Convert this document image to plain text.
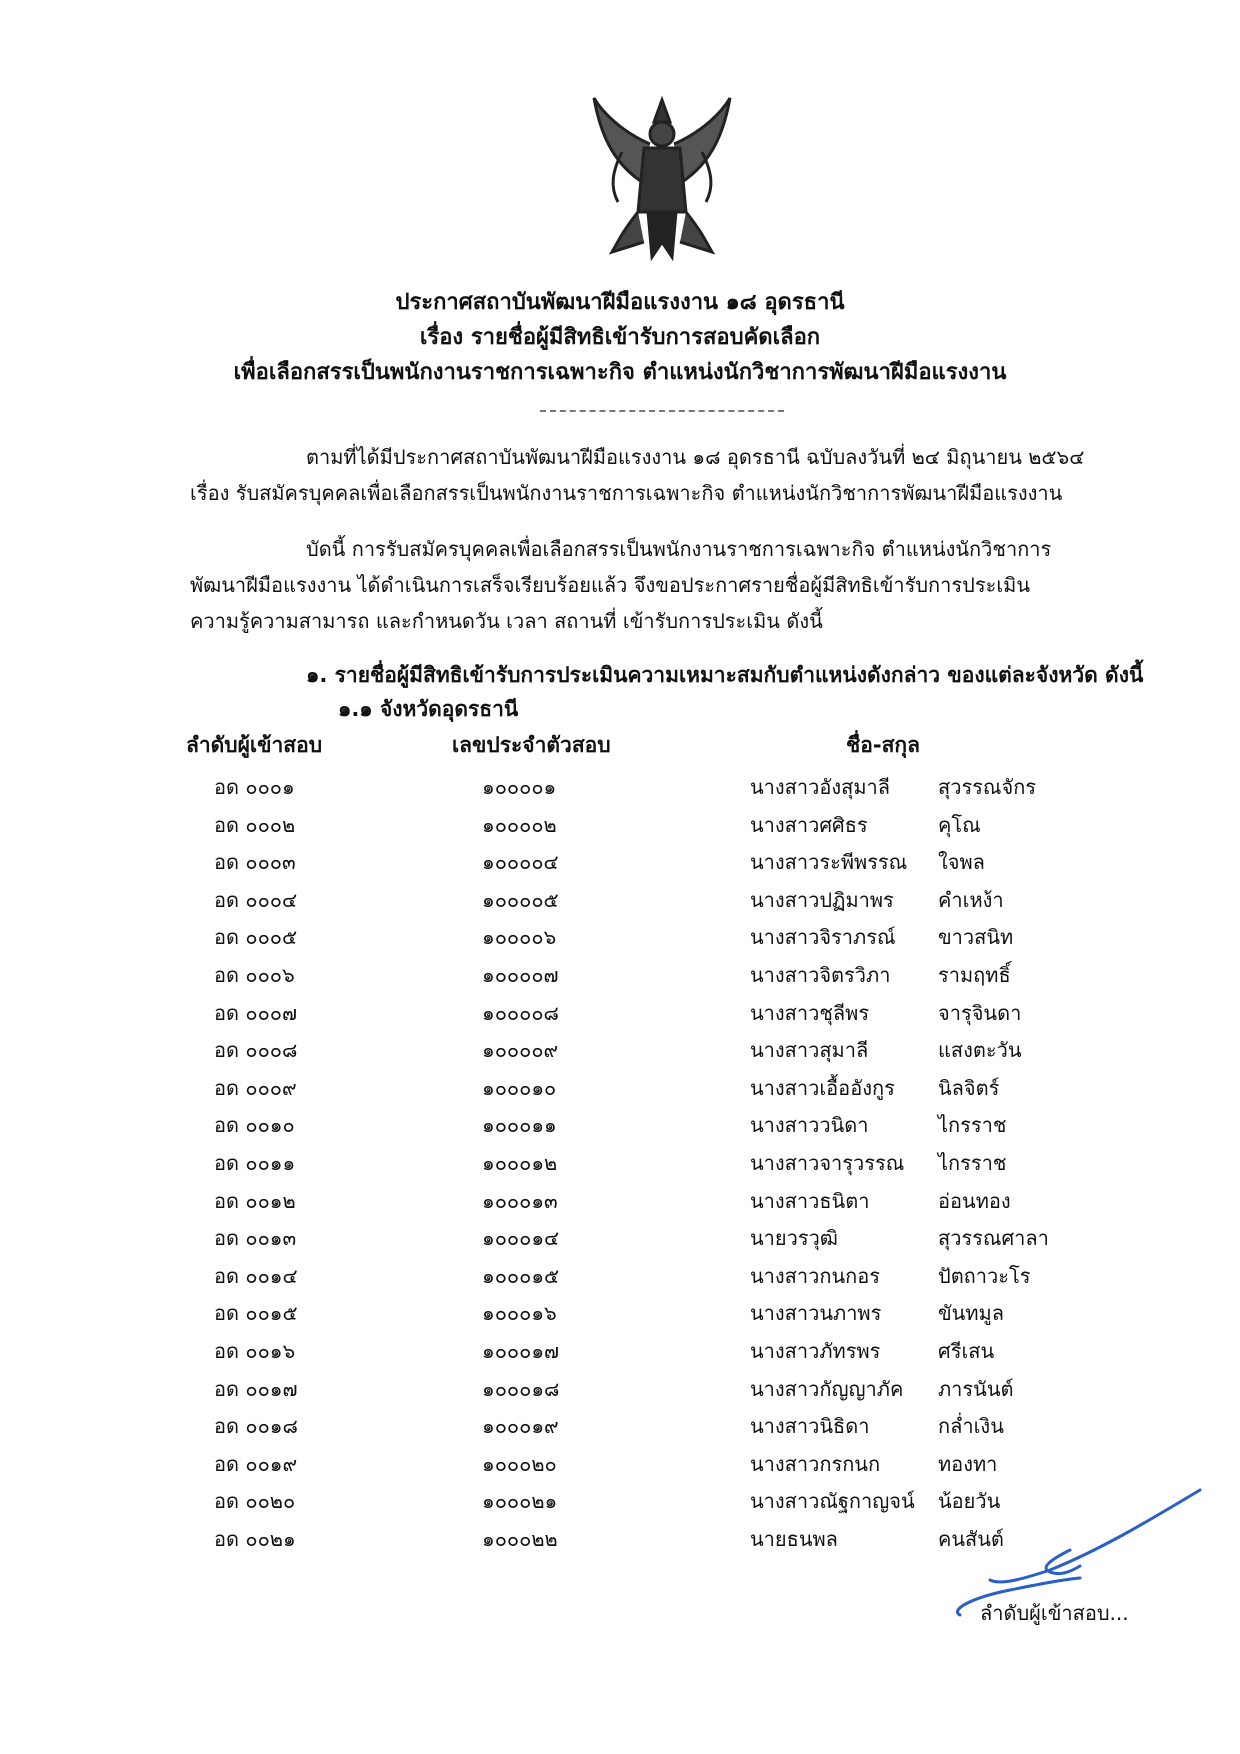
ประกาศสถาบันพัฒนาฝีมือแรงงาน ๑๘ อุดรธานี
เรื่อง รายชื่อผู้มีสิทธิเข้ารับการสอบคัดเลือก
เพื่อเลือกสรรเป็นพนักงานราชการเฉพาะกิจ ตำแหน่งนักวิชาการพัฒนาฝีมือแรงงาน
ตามที่ได้มีประกาศสถาบันพัฒนาฝีมือแรงงาน ๑๘ อุดรธานี ฉบับลงวันที่ ๒๔ มิถุนายน ๒๕๖๔
เรื่อง รับสมัครบุคคลเพื่อเลือกสรรเป็นพนักงานราชการเฉพาะกิจ ตำแหน่งนักวิชาการพัฒนาฝีมือแรงงาน
บัดนี้ การรับสมัครบุคคลเพื่อเลือกสรรเป็นพนักงานราชการเฉพาะกิจ ตำแหน่งนักวิชาการ
พัฒนาฝีมือแรงงาน ได้ดำเนินการเสร็จเรียบร้อยแล้ว จึงขอประกาศรายชื่อผู้มีสิทธิเข้ารับการประเมิน
ความรู้ความสามารถ และกำหนดวัน เวลา สถานที่ เข้ารับการประเมิน ดังนี้
๑. รายชื่อผู้มีสิทธิเข้ารับการประเมินความเหมาะสมกับตำแหน่งดังกล่าว ของแต่ละจังหวัด ดังนี้
๑.๑ จังหวัดอุดรธานี
ลำดับผู้เข้าสอบ	เลขประจำตัวสอบ	ชื่อ-สกุล
อด ๐๐๐๑	๑๐๐๐๐๑	นางสาวอังสุมาลี สุวรรณจักร
อด ๐๐๐๒	๑๐๐๐๐๒	นางสาวศศิธร	คุโณ
อด ๐๐๐๓	๑๐๐๐๐๔	นางสาวระพีพรรณ ใจพล
อด ๐๐๐๔	๑๐๐๐๐๕	นางสาวปฏิมาพร คำเหง้า
อด ๐๐๐๕	๑๐๐๐๐๖	นางสาวจิราภรณ์ ขาวสนิท
อด ๐๐๐๖	๑๐๐๐๐๗	นางสาวจิตรวิภา รามฤทธิ์
อด ๐๐๐๗	๑๐๐๐๐๘	นางสาวชุลีพร	จารุจินดา
อด ๐๐๐๘	๑๐๐๐๐๙	นางสาวสุมาลี	แสงตะวัน
อด ๐๐๐๙	๑๐๐๐๑๐	นางสาวเอื้ออังกูร นิลจิตร์
อด ๐๐๑๐	๑๐๐๐๑๑	นางสาววนิดา	ไกรราช
อด ๐๐๑๑	๑๐๐๐๑๒	นางสาวจารุวรรณ ไกรราช
อด ๐๐๑๒	๑๐๐๐๑๓	นางสาวธนิตา	อ่อนทอง
อด ๐๐๑๓	๑๐๐๐๑๔	นายวรวุฒิ	สุวรรณศาลา
อด ๐๐๑๔	๑๐๐๐๑๕	นางสาวกนกอร	ปัตถาวะโร
อด ๐๐๑๕	๑๐๐๐๑๖	นางสาวนภาพร	ขันทมูล
อด ๐๐๑๖	๑๐๐๐๑๗	นางสาวภัทรพร	ศรีเสน
อด ๐๐๑๗	๑๐๐๐๑๘	นางสาวกัญญาภัค ภารนันต์
อด ๐๐๑๘	๑๐๐๐๑๙	นางสาวนิธิดา	กล่ำเงิน
อด ๐๐๑๙	๑๐๐๐๒๐	นางสาวกรกนก	ทองทา
อด ๐๐๒๐	๑๐๐๐๒๑	นางสาวณัฐกาญจน์ น้อยวัน
อด ๐๐๒๑	๑๐๐๐๒๒	นายธนพล	คนสันต์
ลำดับผู้เข้าสอบ...
